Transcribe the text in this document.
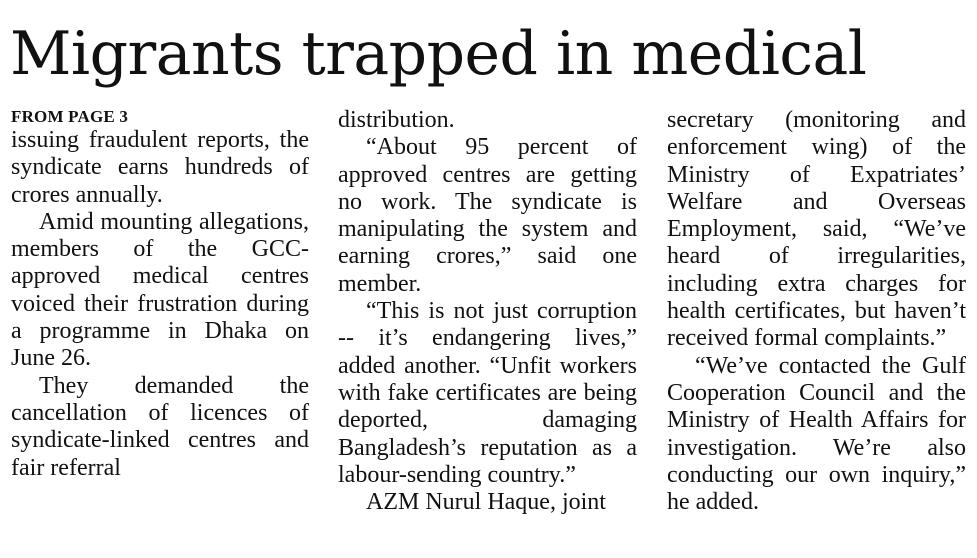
Migrants trapped in medical
FROM PAGE 3

issuing fraudulent reports, the syndicate earns hundreds of crores annually.

Amid mounting allegations, members of the GCC-approved medical centres voiced their frustration during a programme in Dhaka on June 26.

They demanded the cancellation of licences of syndicate-linked centres and fair referral

distribution.

“About 95 percent of approved centres are getting no work. The syndicate is manipulating the system and earning crores,” said one member.

“This is not just corruption -- it’s endangering lives,” added another. “Unfit workers with fake certificates are being deported, damaging Bangladesh’s reputation as a labour-sending country.”

AZM Nurul Haque, joint

secretary (monitoring and enforcement wing) of the Ministry of Expatriates’ Welfare and Overseas Employment, said, “We’ve heard of irregularities, including extra charges for health certificates, but haven’t received formal complaints.”

“We’ve contacted the Gulf Cooperation Council and the Ministry of Health Affairs for investigation. We’re also conducting our own inquiry,” he added.
